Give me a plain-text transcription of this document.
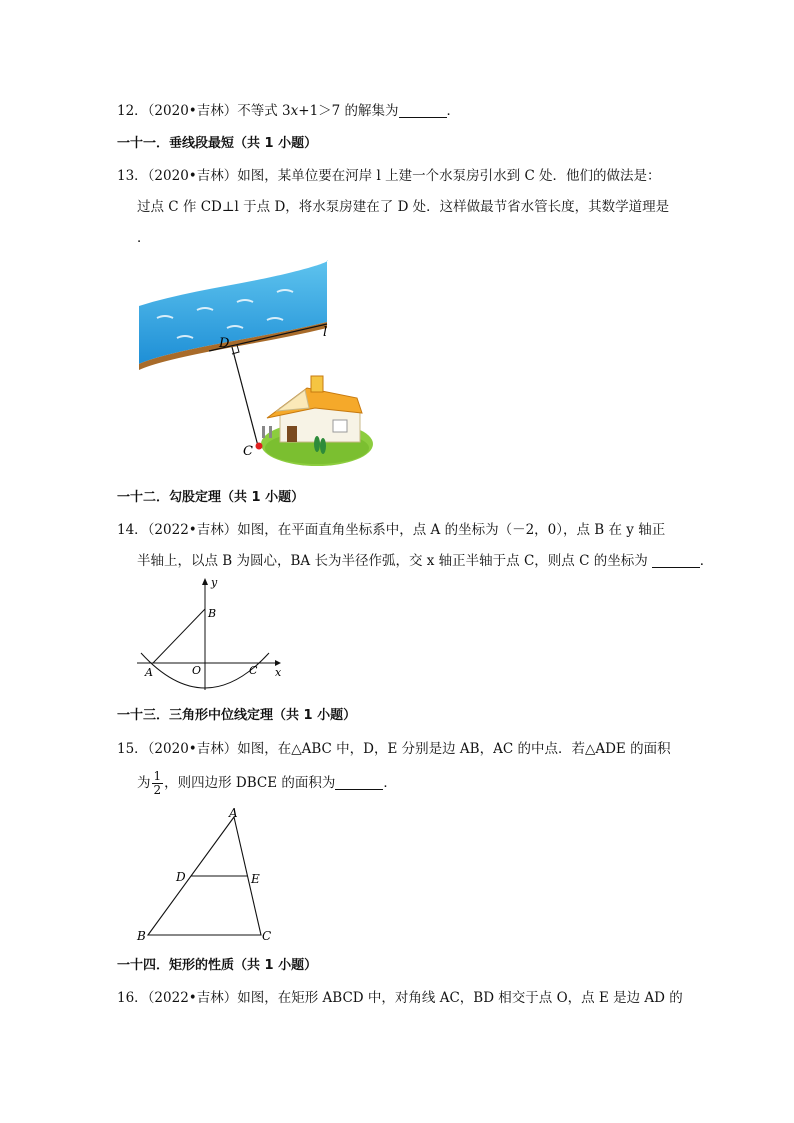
12．（2020•吉林）不等式 3x+1＞7 的解集为	．
一十一．垂线段最短（共 1 小题）
13．（2020•吉林）如图，某单位要在河岸 l 上建一个水泵房引水到 C 处．他们的做法是：
过点 C 作 CD⊥l 于点 D，将水泵房建在了 D 处．这样做最节省水管长度，其数学道理是
．
l
D
C
一十二．勾股定理（共 1 小题）
14．（2022•吉林）如图，在平面直角坐标系中，点 A 的坐标为（－2，0），点 B 在 y 轴正
半轴上，以点 B 为圆心，BA 长为半径作弧，交 x 轴正半轴于点 C，则点 C 的坐标为	．
y
x
B
A	O	C
一十三．三角形中位线定理（共 1 小题）
15．（2020•吉林）如图，在△ABC 中，D，E 分别是边 AB，AC 的中点．若△ADE 的面积
为 $\frac{1}{2}$ ，则四边形 DBCE 的面积为	．
A
D	E
B	C
一十四．矩形的性质（共 1 小题）
16．（2022•吉林）如图，在矩形 ABCD 中，对角线 AC，BD 相交于点 O，点 E 是边 AD 的
